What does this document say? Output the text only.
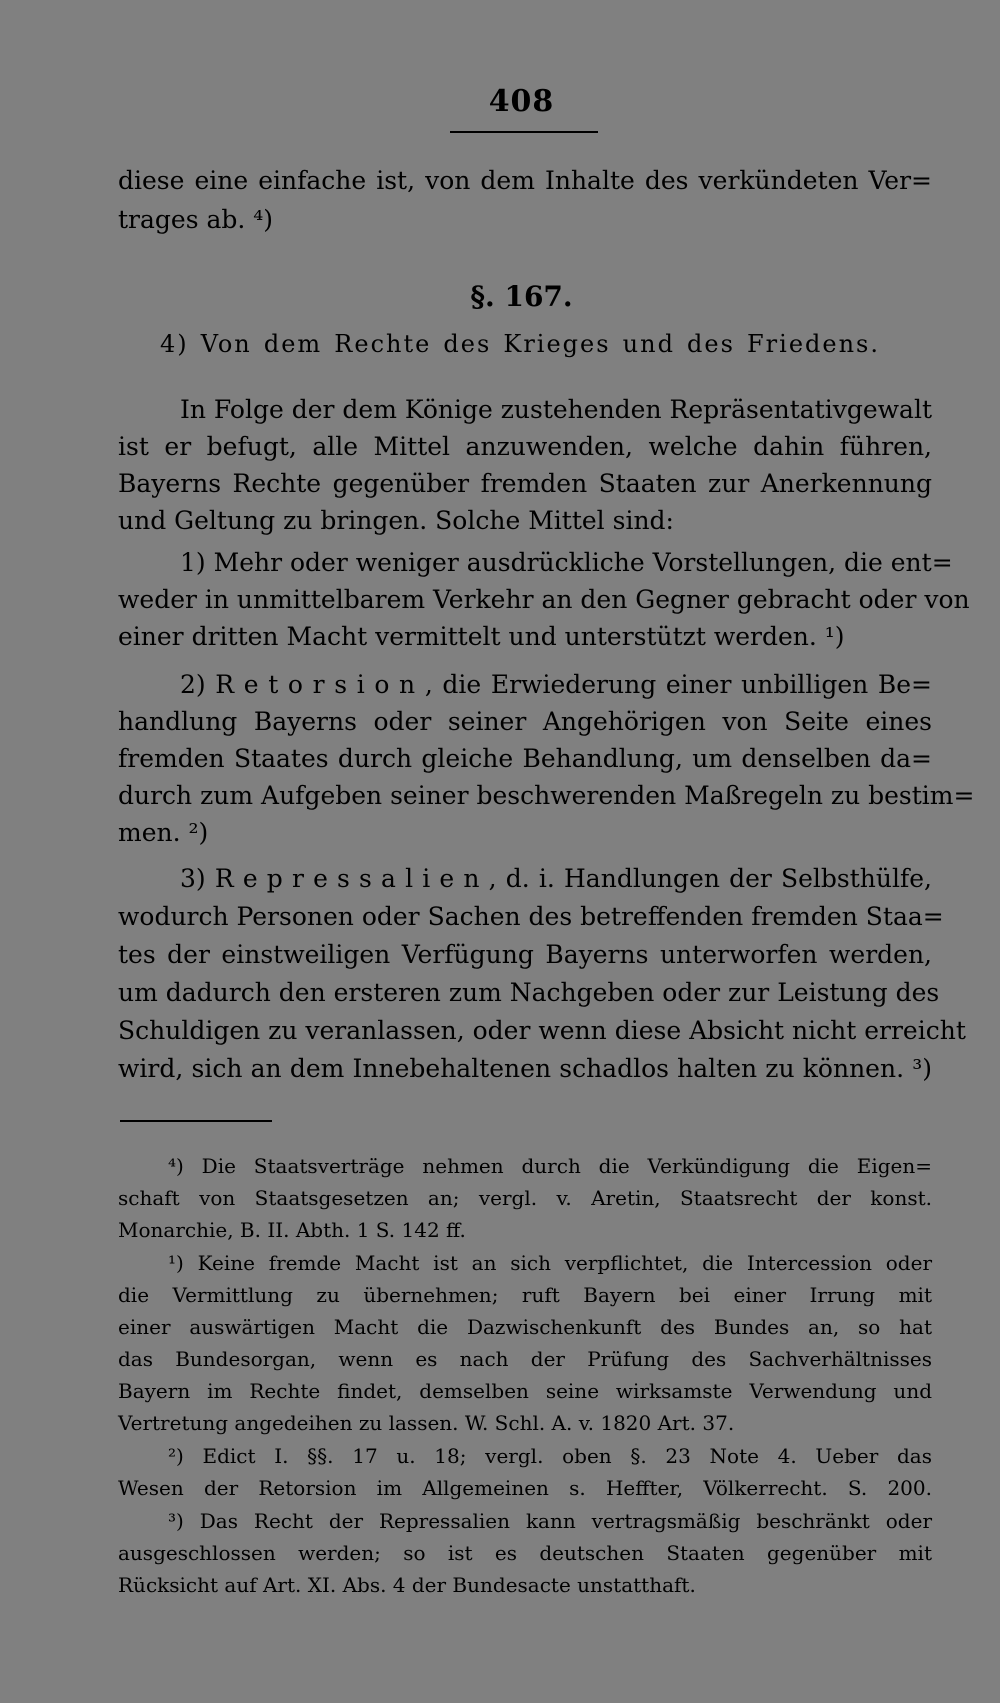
408
diese eine einfache ist, von dem Inhalte des verkündeten Ver=
trages ab. ⁴)
§. 167.
4) Von dem Rechte des Krieges und des Friedens.
In Folge der dem Könige zustehenden Repräsentativgewalt
ist er befugt, alle Mittel anzuwenden, welche dahin führen,
Bayerns Rechte gegenüber fremden Staaten zur Anerkennung
und Geltung zu bringen. Solche Mittel sind:
1) Mehr oder weniger ausdrückliche Vorstellungen, die ent=
weder in unmittelbarem Verkehr an den Gegner gebracht oder von
einer dritten Macht vermittelt und unterstützt werden. ¹)
2) R e t o r s i o n , die Erwiederung einer unbilligen Be=
handlung Bayerns oder seiner Angehörigen von Seite eines
fremden Staates durch gleiche Behandlung, um denselben da=
durch zum Aufgeben seiner beschwerenden Maßregeln zu bestim=
men. ²)
3) R e p r e s s a l i e n , d. i. Handlungen der Selbsthülfe,
wodurch Personen oder Sachen des betreffenden fremden Staa=
tes der einstweiligen Verfügung Bayerns unterworfen werden,
um dadurch den ersteren zum Nachgeben oder zur Leistung des
Schuldigen zu veranlassen, oder wenn diese Absicht nicht erreicht
wird, sich an dem Innebehaltenen schadlos halten zu können. ³)
⁴) Die Staatsverträge nehmen durch die Verkündigung die Eigen=
schaft von Staatsgesetzen an; vergl. v. Aretin, Staatsrecht der konst.
Monarchie, B. II. Abth. 1 S. 142 ff.
¹) Keine fremde Macht ist an sich verpflichtet, die Intercession oder
die Vermittlung zu übernehmen; ruft Bayern bei einer Irrung mit
einer auswärtigen Macht die Dazwischenkunft des Bundes an, so hat
das Bundesorgan, wenn es nach der Prüfung des Sachverhältnisses
Bayern im Rechte findet, demselben seine wirksamste Verwendung und
Vertretung angedeihen zu lassen. W. Schl. A. v. 1820 Art. 37.
²) Edict I. §§. 17 u. 18; vergl. oben §. 23 Note 4. Ueber das
Wesen der Retorsion im Allgemeinen s. Heffter, Völkerrecht. S. 200.
³) Das Recht der Repressalien kann vertragsmäßig beschränkt oder
ausgeschlossen werden; so ist es deutschen Staaten gegenüber mit
Rücksicht auf Art. XI. Abs. 4 der Bundesacte unstatthaft.
